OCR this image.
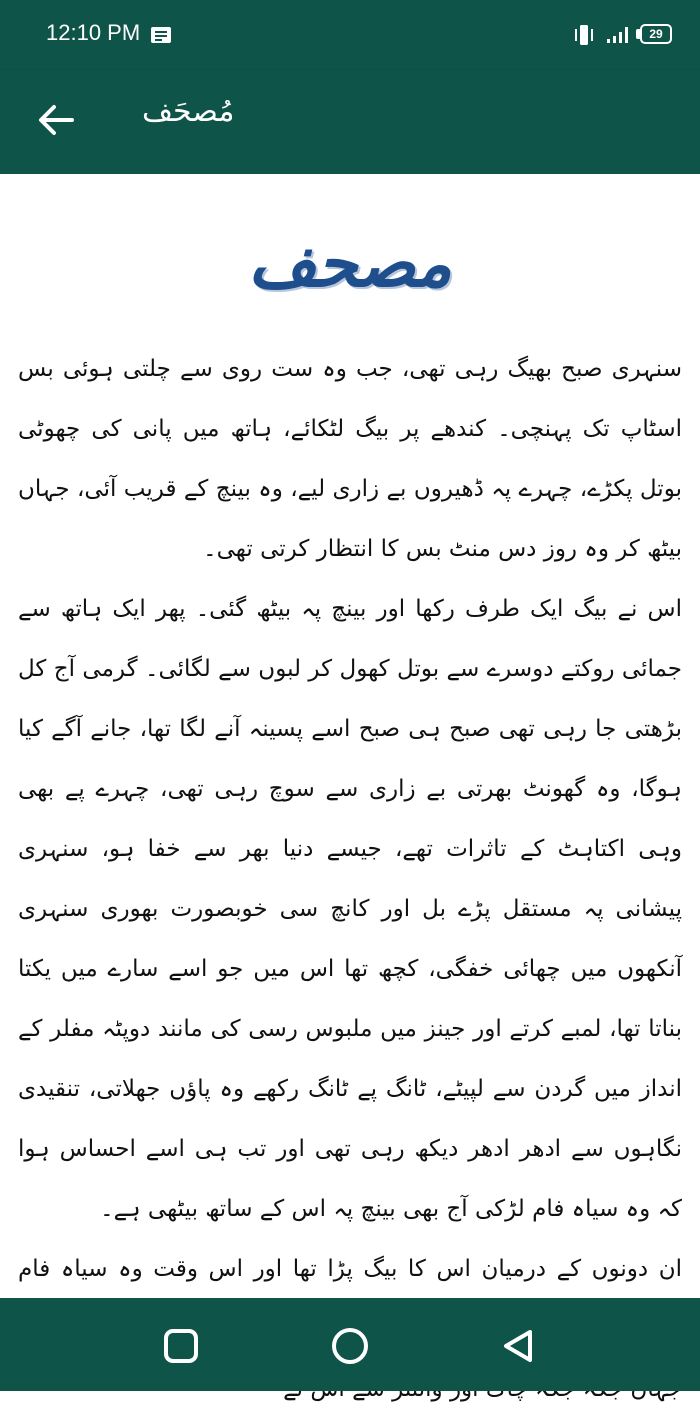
12:10 PM	29
مُصحَف
مصحف

سنہری صبح بھیگ رہی تھی، جب وہ ست روی سے چلتی ہوئی بس اسٹاپ تک پہنچی۔ کندھے پر بیگ لٹکائے، ہاتھ میں پانی کی چھوٹی بوتل پکڑے، چہرے پہ ڈھیروں بے زاری لیے، وہ بینچ کے قریب آئی، جہاں بیٹھ کر وہ روز دس منٹ بس کا انتظار کرتی تھی۔

اس نے بیگ ایک طرف رکھا اور بینچ پہ بیٹھ گئی۔ پھر ایک ہاتھ سے جمائی روکتے دوسرے سے بوتل کھول کر لبوں سے لگائی۔ گرمی آج کل بڑھتی جا رہی تھی صبح ہی صبح اسے پسینہ آنے لگا تھا، جانے آگے کیا ہوگا، وہ گھونٹ بھرتی بے زاری سے سوچ رہی تھی، چہرے پے بھی وہی اکتاہٹ کے تاثرات تھے، جیسے دنیا بھر سے خفا ہو، سنہری پیشانی پہ مستقل پڑے بل اور کانچ سی خوبصورت بھوری سنہری آنکھوں میں چھائی خفگی، کچھ تھا اس میں جو اسے سارے میں یکتا بناتا تھا، لمبے کرتے اور جینز میں ملبوس رسی کی مانند دوپٹہ مفلر کے انداز میں گردن سے لپیٹے، ٹانگ پے ٹانگ رکھے وہ پاؤں جھلاتی، تنقیدی نگاہوں سے ادھر ادھر دیکھ رہی تھی اور تب ہی اسے احساس ہوا کہ وہ سیاہ فام لڑکی آج بھی بینچ پہ اس کے ساتھ بیٹھی ہے۔

ان دونوں کے درمیان اس کا بیگ پڑا تھا اور اس وقت وہ سیاہ فام
